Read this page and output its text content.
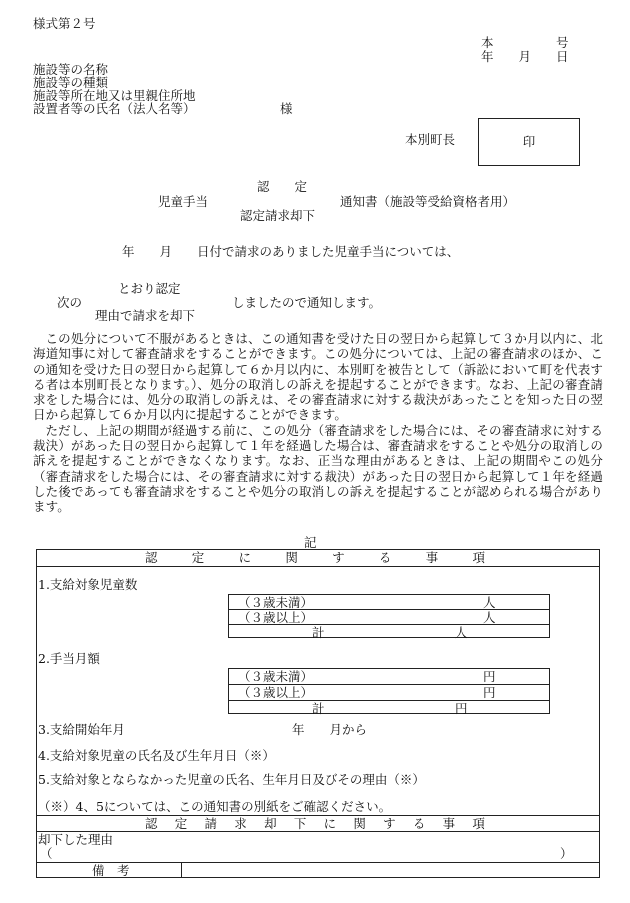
様式第２号
本　　　　　号
年　　月　　日
施設等の名称
施設等の種類
施設等所在地又は里親住所地
設置者等の氏名（法人名等）	様
本別町長	印
認　　定
児童手当	通知書（施設等受給資格者用）
認定請求却下
年　　月　　日付で請求のありました児童手当については、
とおり認定
次の	しましたので通知します。
理由で請求を却下

この処分について不服があるときは、この通知書を受けた日の翌日から起算して３か月以内に、北海道知事に対して審査請求をすることができます。この処分については、上記の審査請求のほか、この通知を受けた日の翌日から起算して６か月以内に、本別町を被告として（訴訟において町を代表する者は本別町長となります。）、処分の取消しの訴えを提起することができます。なお、上記の審査請求をした場合には、処分の取消しの訴えは、その審査請求に対する裁決があったことを知った日の翌日から起算して６か月以内に提起することができます。

ただし、上記の期間が経過する前に、この処分（審査請求をした場合には、その審査請求に対する裁決）があった日の翌日から起算して１年を経過した場合は、審査請求をすることや処分の取消しの訴えを提起することができなくなります。なお、正当な理由があるときは、上記の期間やこの処分（審査請求をした場合には、その審査請求に対する裁決）があった日の翌日から起算して１年を経過した後であっても審査請求をすることや処分の取消しの訴えを提起することが認められる場合があります。

記
認	定	に	関	す	る	事	項
1.支給対象児童数
（３歳未満）	人
（３歳以上）	人
計	人
2.手当月額
（３歳未満）	円
（３歳以上）	円
計	円
3.支給開始年月	年　　月から
4.支給対象児童の氏名及び生年月日（※）
5.支給対象とならなかった児童の氏名、生年月日及びその理由（※）
（※）4、5については、この通知書の別紙をご確認ください。
認 定 請 求 却 下 に 関 す る 事 項
却下した理由
（	）
備　考
